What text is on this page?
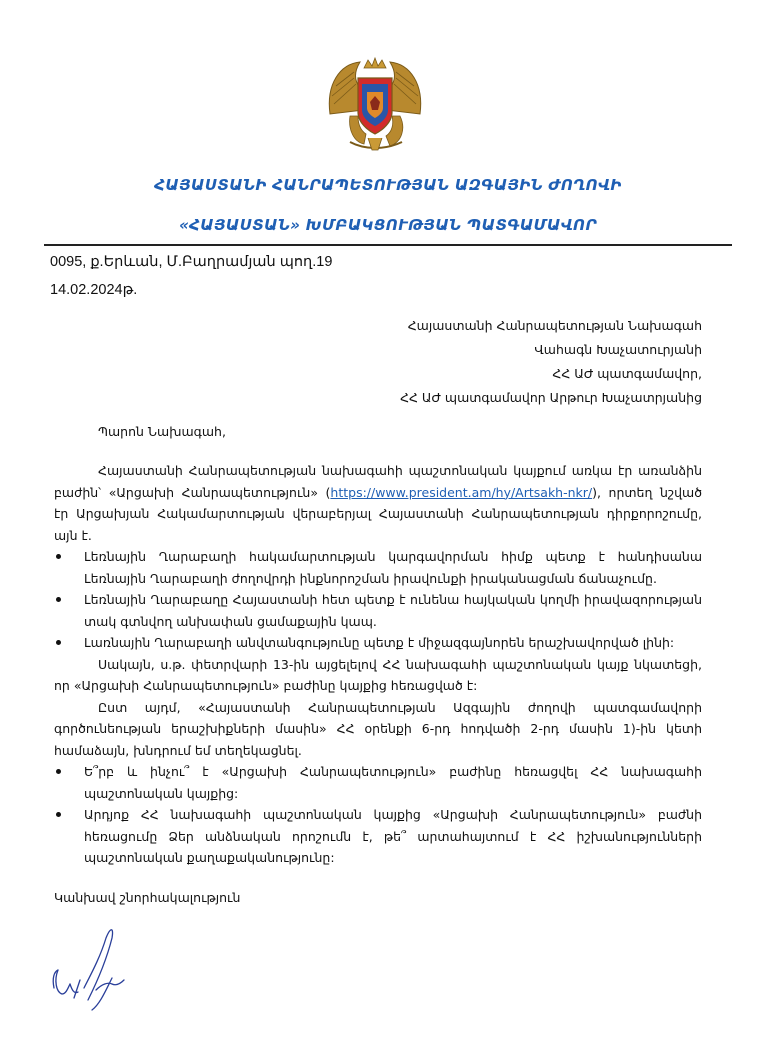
ՀԱՅԱՍՏԱՆԻ ՀԱՆՐԱՊԵՏՈՒԹՅԱՆ ԱԶԳԱՅԻՆ ԺՈՂՈՎԻ
«ՀԱՅԱՍՏԱՆ» ԽՄԲԱԿՑՈՒԹՅԱՆ ՊԱՏԳԱՄԱՎՈՐ
0095, ք.Երևան, Մ.Բաղրամյան պող.19
14.02.2024թ.
Հայաստանի Հանրապետության Նախագահ
Վահագն Խաչատուրյանի
ՀՀ ԱԺ պատգամավոր,
ՀՀ ԱԺ պատգամավոր Արթուր Խաչատրյանից
Պարոն Նախագահ,

Հայաստանի Հանրապետության նախագահի պաշտոնական կայքում առկա էր առանձին բաժին՝ «Արցախի Հանրապետություն» (https://www.president.am/hy/Artsakh-nkr/), որտեղ նշված էր Արցախյան Հակամարտության վերաբերյալ Հայաստանի Հանրապետության դիրքորոշումը, այն է.

Լեռնային Ղարաբաղի հակամարտության կարգավորման հիմք պետք է հանդիսանա Լեռնային Ղարաբաղի ժողովրդի ինքնորոշման իրավունքի իրականացման ճանաչումը.
Լեռնային Ղարաբաղը Հայաստանի հետ պետք է ունենա հայկական կողմի իրավազորության տակ գտնվող անխափան ցամաքային կապ.
Լառնային Ղարաբաղի անվտանգությունը պետք է միջազգայնորեն երաշխավորված լինի:

Սակայն, ս.թ. փետրվարի 13-ին այցելելով ՀՀ նախագահի պաշտոնական կայք նկատեցի, որ «Արցախի Հանրապետություն» բաժինը կայքից հեռացված է:

Ըստ այդմ, «Հայաստանի Հանրապետության Ազգային ժողովի պատգամավորի գործունեության երաշխիքների մասին» ՀՀ օրենքի 6-րդ հոդվածի 2-րդ մասին 1)-ին կետի համաձայն, խնդրում եմ տեղեկացնել.

Ե՞րբ և ինչու՞ է «Արցախի Հանրապետություն» բաժինը հեռացվել ՀՀ նախագահի պաշտոնական կայքից:
Արդյոք ՀՀ նախագահի պաշտոնական կայքից «Արցախի Հանրապետություն» բաժնի հեռացումը Ձեր անձնական որոշումն է, թե՞ արտահայտում է ՀՀ իշխանությունների պաշտոնական քաղաքականությունը:
Կանխավ շնորհակալություն
